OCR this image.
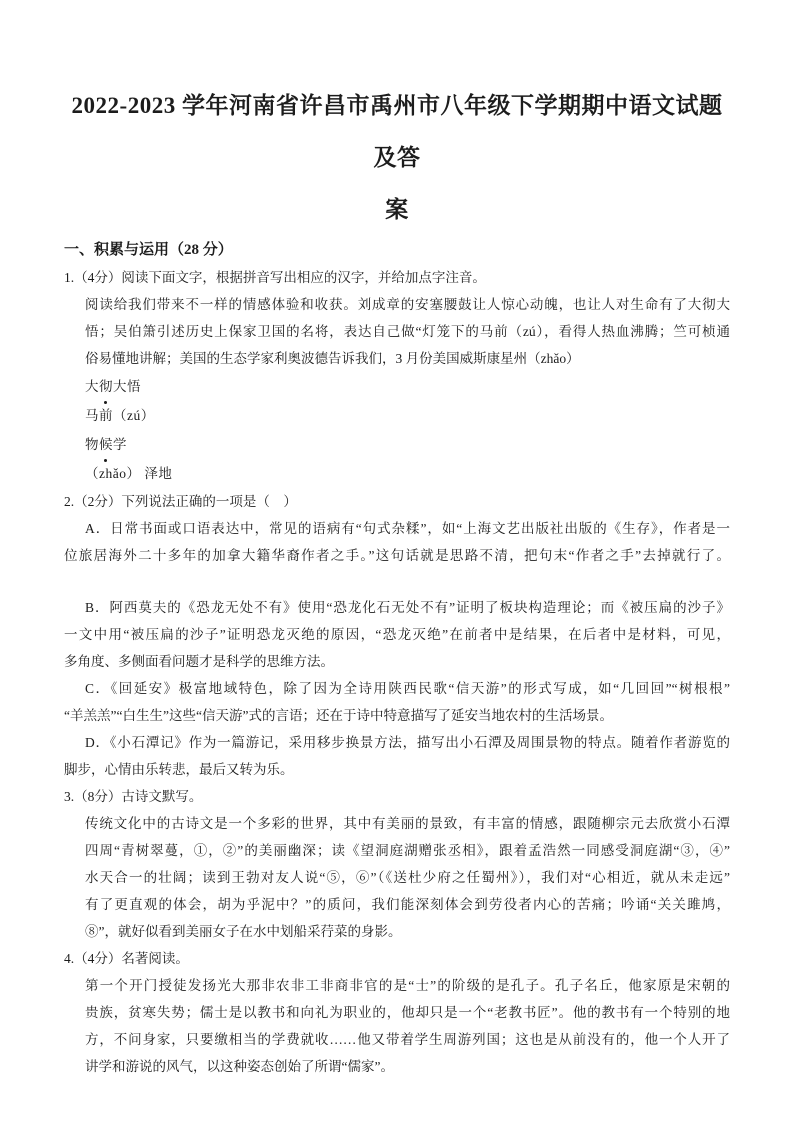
2022-2023 学年河南省许昌市禹州市八年级下学期期中语文试题及答
案
一、积累与运用（28 分）
1.（4分）阅读下面文字，根据拼音写出相应的汉字，并给加点字注音。
阅读给我们带来不一样的情感体验和收获。刘成章的安塞腰鼓让人惊心动魄，也让人对生命有了大彻大
悟；吴伯箫引述历史上保家卫国的名将，表达自己做“灯笼下的马前（zú），看得人热血沸腾；竺可桢通
俗易懂地讲解；美国的生态学家利奥波德告诉我们，3 月份美国威斯康星州（zhǎo）
大彻大悟
马前（zú）
物候学
（zhǎo） 泽地
2.（2分）下列说法正确的一项是（　）
A．日常书面或口语表达中，常见的语病有“句式杂糅”，如“上海文艺出版社出版的《生存》，作者是一
位旅居海外二十多年的加拿大籍华裔作者之手。”这句话就是思路不清，把句末“作者之手”去掉就行了。
B．阿西莫夫的《恐龙无处不有》使用“恐龙化石无处不有”证明了板块构造理论；而《被压扁的沙子》
一文中用“被压扁的沙子”证明恐龙灭绝的原因，“恐龙灭绝”在前者中是结果，在后者中是材料，可见，
多角度、多侧面看问题才是科学的思维方法。
C．《回延安》极富地域特色，除了因为全诗用陕西民歌“信天游”的形式写成，如“几回回”“树根根”
“羊羔羔”“白生生”这些“信天游”式的言语；还在于诗中特意描写了延安当地农村的生活场景。
D．《小石潭记》作为一篇游记，采用移步换景方法，描写出小石潭及周围景物的特点。随着作者游览的
脚步，心情由乐转悲，最后又转为乐。
3.（8分）古诗文默写。
传统文化中的古诗文是一个多彩的世界，其中有美丽的景致，有丰富的情感，跟随柳宗元去欣赏小石潭
四周“青树翠蔓，①，②”的美丽幽深；读《望洞庭湖赠张丞相》，跟着孟浩然一同感受洞庭湖“③，④”
水天合一的壮阔；读到王勃对友人说“⑤，⑥”（《送杜少府之任蜀州》），我们对“心相近，就从未走远”
有了更直观的体会，胡为乎泥中？”的质问，我们能深刻体会到劳役者内心的苦痛；吟诵“关关雎鸠，
⑧”，就好似看到美丽女子在水中划船采荇菜的身影。
4.（4分）名著阅读。
第一个开门授徒发扬光大那非农非工非商非官的是“士”的阶级的是孔子。孔子名丘，他家原是宋朝的
贵族，贫寒失势；儒士是以教书和向礼为职业的，他却只是一个“老教书匠”。他的教书有一个特别的地
方，不问身家，只要缴相当的学费就收……他又带着学生周游列国；这也是从前没有的，他一个人开了
讲学和游说的风气，以这种姿态创始了所谓“儒家”。
